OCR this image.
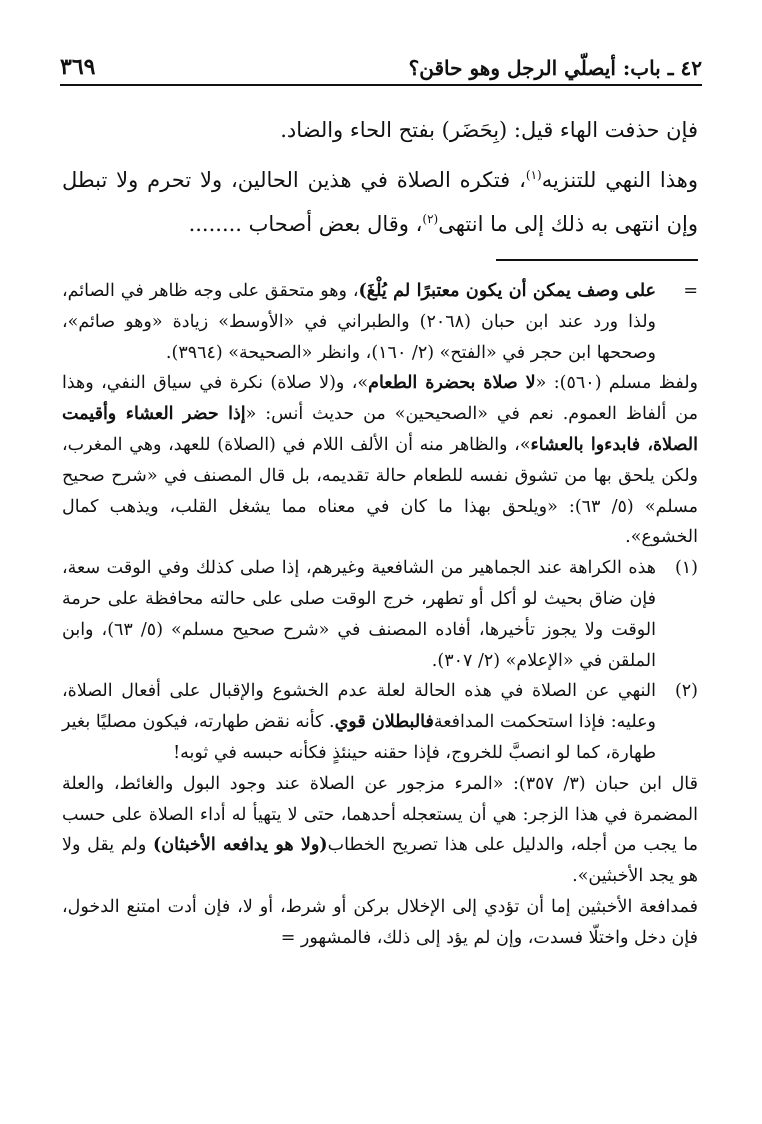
٤٢ ـ باب: أيصلّي الرجل وهو حاقن؟
٣٦٩

فإن حذفت الهاء قيل: (بِحَضَر) بفتح الحاء والضاد.

وهذا النهي للتنزيه$^{(١)}$، فتكره الصلاة في هذين الحالين، ولا تحرم ولا تبطل وإن انتهى به ذلك إلى ما انتهى$^{(٢)}$، وقال بعض أصحاب ........

=
على وصف يمكن أن يكون معتبرًا لم يُلْغَ)، وهو متحقق على وجه ظاهر في الصائم، ولذا ورد عند ابن حبان (٢٠٦٨) والطبراني في «الأوسط» زيادة «وهو صائم»، وصححها ابن حجر في «الفتح» (٢/ ١٦٠)، وانظر «الصحيحة» (٣٩٦٤).

ولفظ مسلم (٥٦٠): «لا صلاة بحضرة الطعام»، و(لا صلاة) نكرة في سياق النفي، وهذا من ألفاظ العموم. نعم في «الصحيحين» من حديث أنس: «إذا حضر العشاء وأقيمت الصلاة، فابدءوا بالعشاء»، والظاهر منه أن الألف اللام في (الصلاة) للعهد، وهي المغرب، ولكن يلحق بها من تشوق نفسه للطعام حالة تقديمه، بل قال المصنف في «شرح صحيح مسلم» (٥/ ٦٣): «ويلحق بهذا ما كان في معناه مما يشغل القلب، ويذهب كمال الخشوع».

(١)
هذه الكراهة عند الجماهير من الشافعية وغيرهم، إذا صلى كذلك وفي الوقت سعة، فإن ضاق بحيث لو أكل أو تطهر، خرج الوقت صلى على حالته محافظة على حرمة الوقت ولا يجوز تأخيرها، أفاده المصنف في «شرح صحيح مسلم» (٥/ ٦٣)، وابن الملقن في «الإعلام» (٢/ ٣٠٧).
(٢)
النهي عن الصلاة في هذه الحالة لعلة عدم الخشوع والإقبال على أفعال الصلاة، وعليه: فإذا استحكمت المدافعةفالبطلان قوي. كأنه نقض طهارته، فيكون مصليًا بغير طهارة، كما لو انصبَّ للخروج، فإذا حقنه حينئذٍ فكأنه حبسه في ثوبه!

قال ابن حبان (٣/ ٣٥٧): «المرء مزجور عن الصلاة عند وجود البول والغائط، والعلة المضمرة في هذا الزجر: هي أن يستعجله أحدهما، حتى لا يتهيأ له أداء الصلاة على حسب ما يجب من أجله، والدليل على هذا تصريح الخطاب(ولا هو يدافعه الأخبثان) ولم يقل ولا هو يجد الأخبثين».

فمدافعة الأخبثين إما أن تؤدي إلى الإخلال بركن أو شرط، أو لا، فإن أدت امتنع الدخول، فإن دخل واختلّا فسدت، وإن لم يؤد إلى ذلك، فالمشهور =
